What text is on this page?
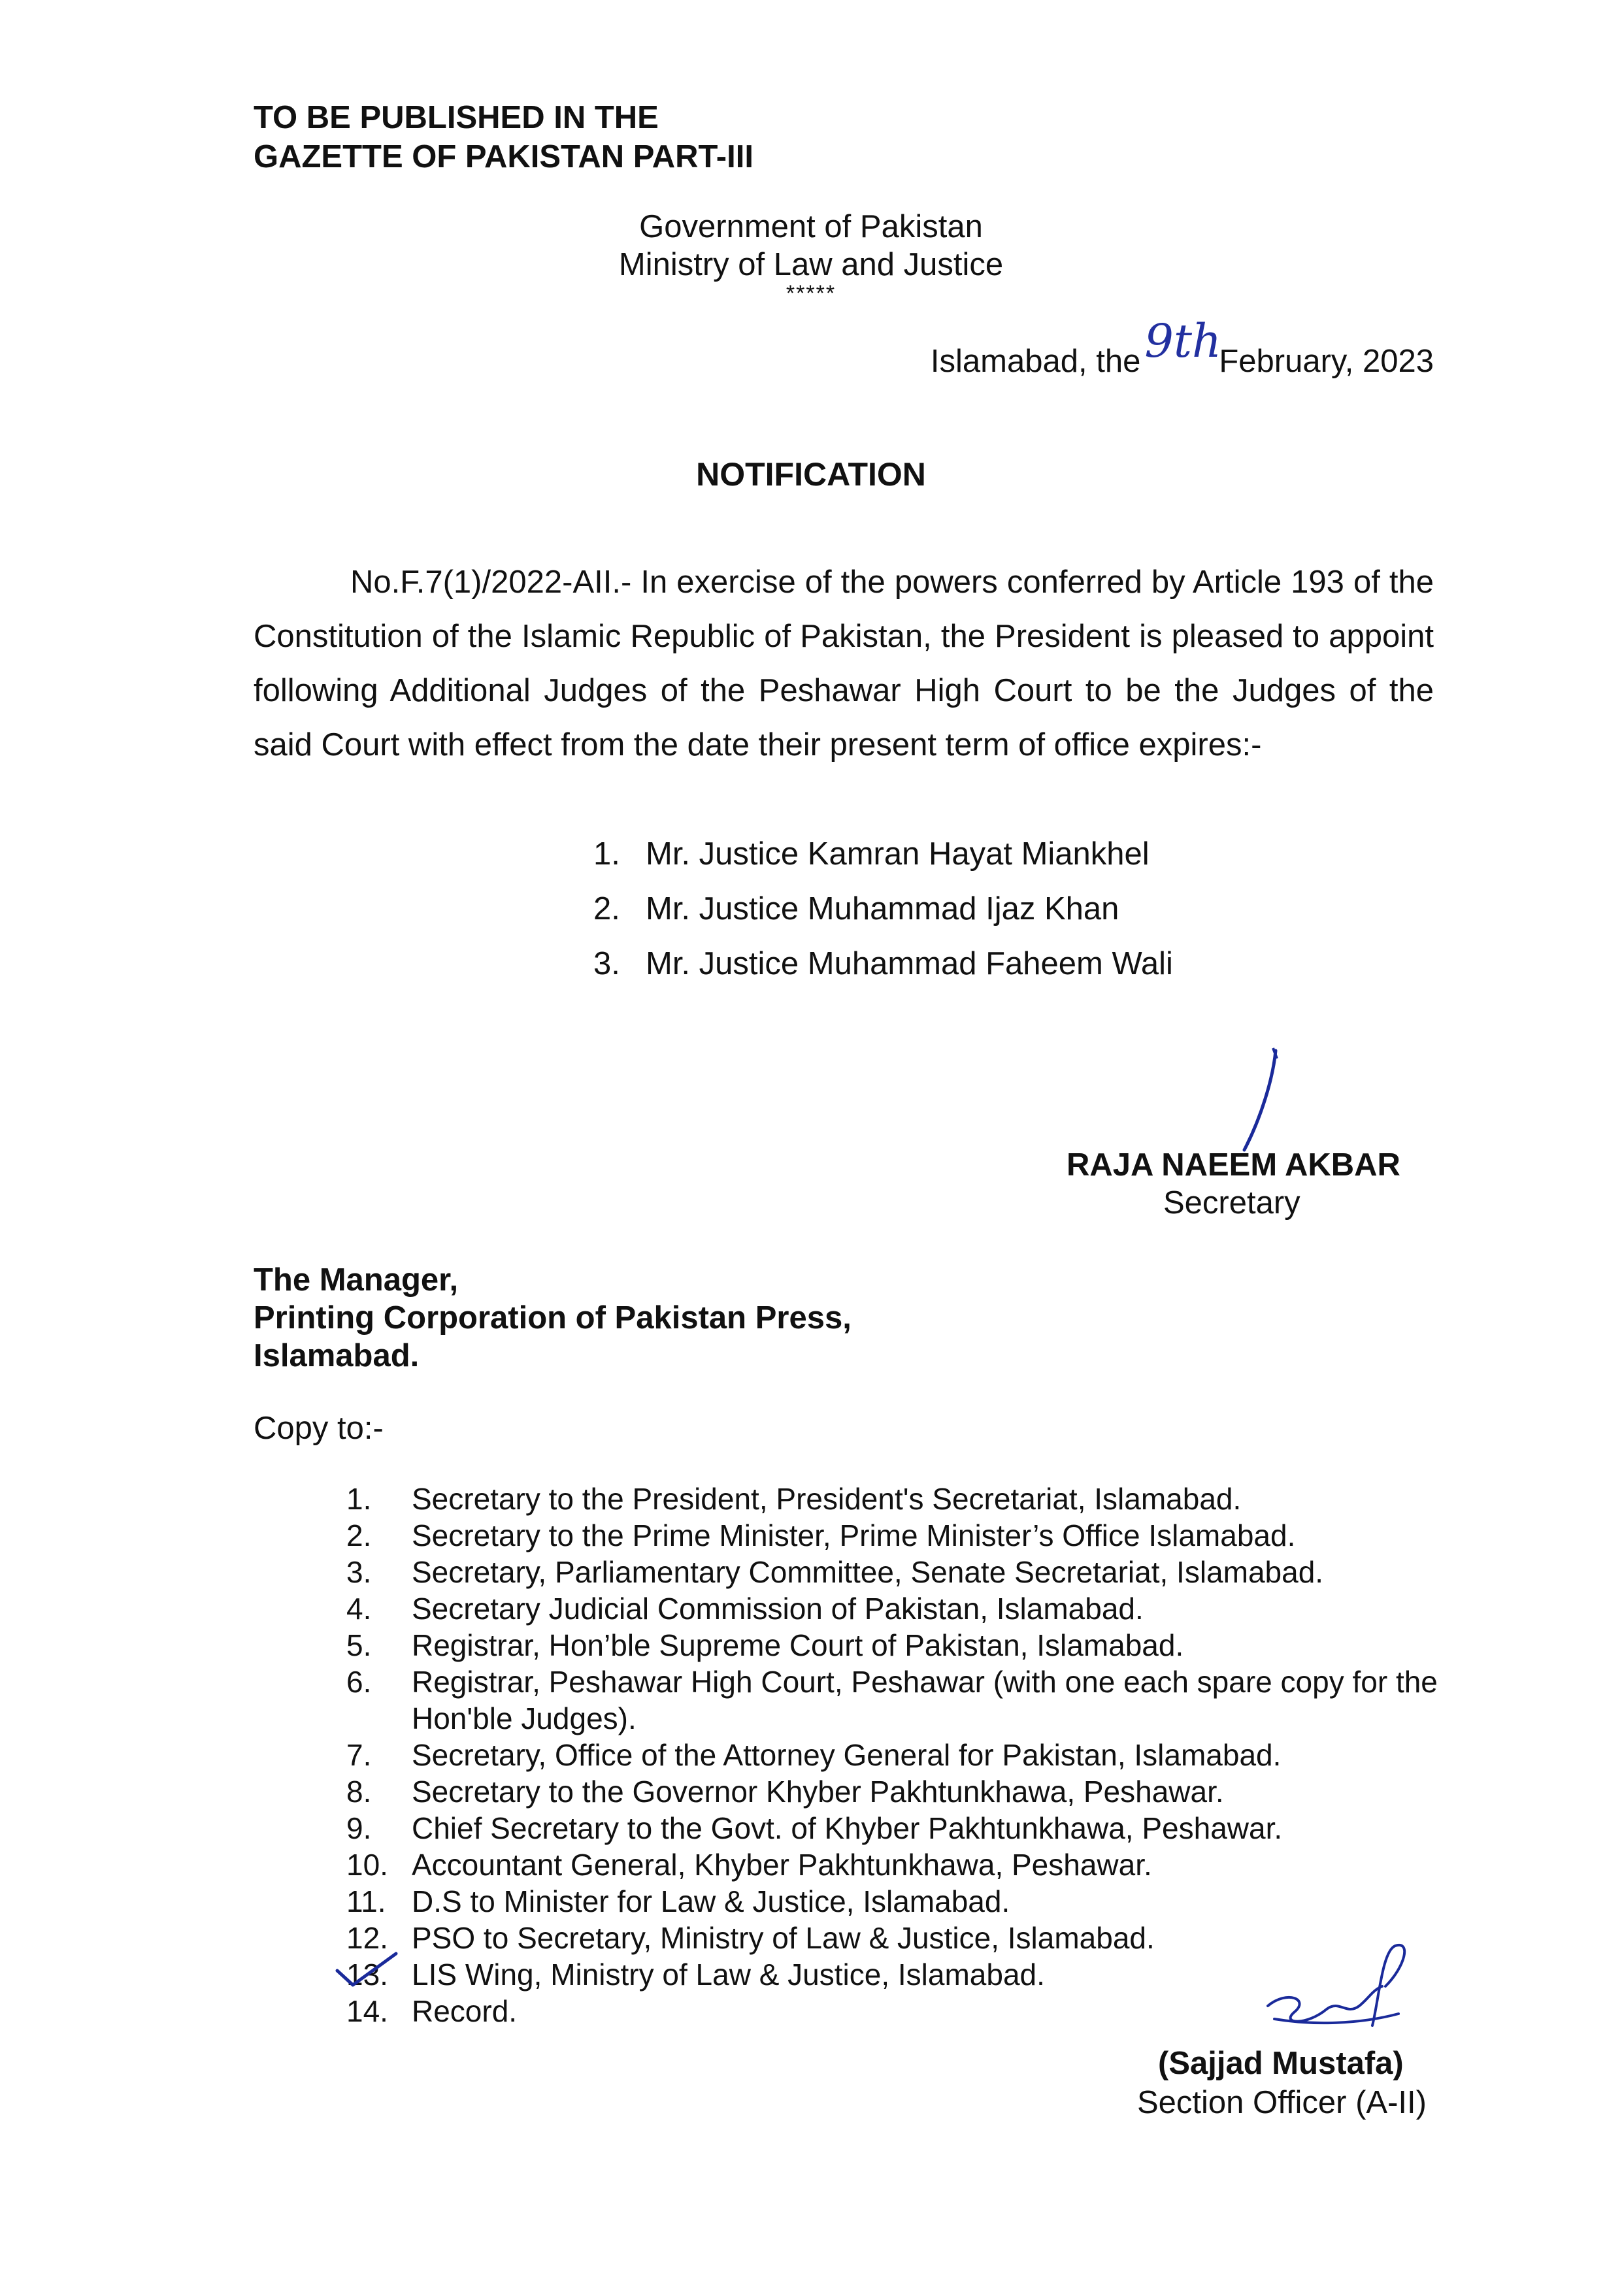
TO BE PUBLISHED IN THE
GAZETTE OF PAKISTAN PART-III
Government of Pakistan
Ministry of Law and Justice
*****
Islamabad, the 9th
February, 2023
NOTIFICATION

No.F.7(1)/2022-AII.- In exercise of the powers conferred by Article 193 of the Constitution of the Islamic Republic of Pakistan, the President is pleased to appoint following Additional Judges of the Peshawar High Court to be the Judges of the said Court with effect from the date their present term of office expires:-

1. Mr. Justice Kamran Hayat Miankhel
2. Mr. Justice Muhammad Ijaz Khan
3. Mr. Justice Muhammad Faheem Wali
RAJA NAEEM AKBAR
Secretary
The Manager,
Printing Corporation of Pakistan Press,
Islamabad.
Copy to:-
1.	Secretary to the President, President's Secretariat, Islamabad.
2.	Secretary to the Prime Minister, Prime Minister’s Office Islamabad.
3.	Secretary, Parliamentary Committee, Senate Secretariat, Islamabad.
4.	Secretary Judicial Commission of Pakistan, Islamabad.
5.	Registrar, Hon’ble Supreme Court of Pakistan, Islamabad.
6.	Registrar, Peshawar High Court, Peshawar (with one each spare copy for the Hon'ble Judges).
7.	Secretary, Office of the Attorney General for Pakistan, Islamabad.
8.	Secretary to the Governor Khyber Pakhtunkhawa, Peshawar.
9.	Chief Secretary to the Govt. of Khyber Pakhtunkhawa, Peshawar.
10. Accountant General, Khyber Pakhtunkhawa, Peshawar.
11. D.S to Minister for Law & Justice, Islamabad.
12. PSO to Secretary, Ministry of Law & Justice, Islamabad.
13. LIS Wing, Ministry of Law & Justice, Islamabad.
14. Record.
(Sajjad Mustafa)
Section Officer (A-II)
